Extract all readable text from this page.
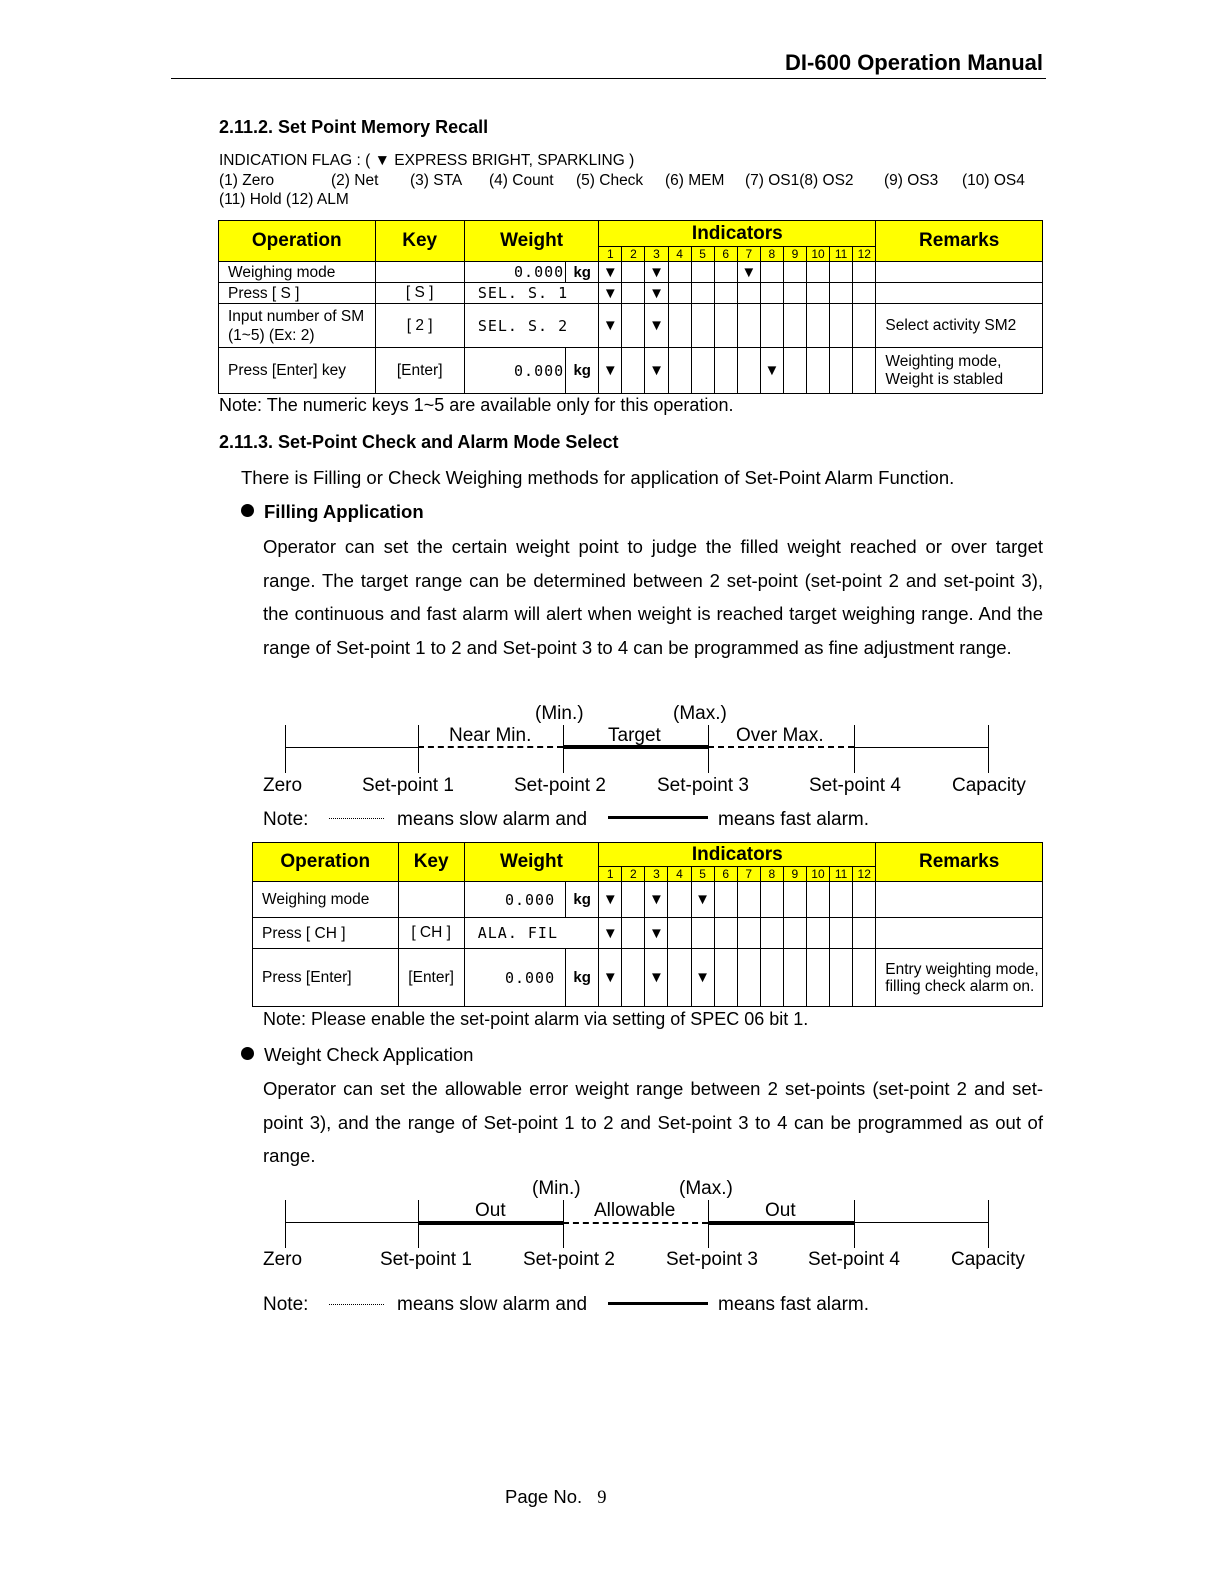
DI-600 Operation Manual
2.11.2. Set Point Memory Recall
INDICATION FLAG : ( ▼ EXPRESS BRIGHT, SPARKLING )
(1) Zero	(2) Net (3) STA (4) Count (5) Check (6) MEM (7) OS1(8) OS2 (9) OS3 (10) OS4
(11) Hold (12) ALM
Operation	Key	Weight		Indicators												Remarks
				1	2	3	4	5	6	7	8	9	10	11	12	
Weighing mode		0.000	kg	▼		▼				▼						
Press [ S ]	[ S ]	SEL. S. 1		▼		▼										
Input number of SM (1~5) (Ex: 2)	[ 2 ]	SEL. S. 2		▼		▼										Select activity SM2
Press [Enter] key	[Enter]	0.000	kg	▼		▼					▼					Weighting mode, Weight is stabled
Note: The numeric keys 1~5 are available only for this operation.
2.11.3. Set-Point Check and Alarm Mode Select
There is Filling or Check Weighing methods for application of Set-Point Alarm Function.
Filling Application
Operator can set the certain weight point to judge the filled weight reached or over target range. The target range can be determined between 2 set-point (set-point 2 and set-point 3), the continuous and fast alarm will alert when weight is reached target weighing range. And the range of Set-point 1 to 2 and Set-point 3 to 4 can be programmed as fine adjustment range.
(Min.)	(Max.)
Near Min.	Target	Over Max.
Zero	Set-point 1	Set-point 2	Set-point 3	Set-point 4	Capacity
Note:	means slow alarm and	means fast alarm.
Operation	Key	Weight		Indicators												Remarks
				1	2	3	4	5	6	7	8	9	10	11	12	
Weighing mode		0.000	kg	▼		▼		▼								
Press [ CH ]	[ CH ]	ALA. FIL		▼		▼										
Press [Enter]	[Enter]	0.000	kg	▼		▼		▼								Entry weighting mode, filling check alarm on.
Note: Please enable the set-point alarm via setting of SPEC 06 bit 1.
Weight Check Application
Operator can set the allowable error weight range between 2 set-points (set-point 2 and set-point 3), and the range of Set-point 1 to 2 and Set-point 3 to 4 can be programmed as out of range.
(Min.)	(Max.)
Out	Allowable	Out
Zero	Set-point 1	Set-point 2	Set-point 3	Set-point 4	Capacity
Note:	means slow alarm and	means fast alarm.
Page No. 9
